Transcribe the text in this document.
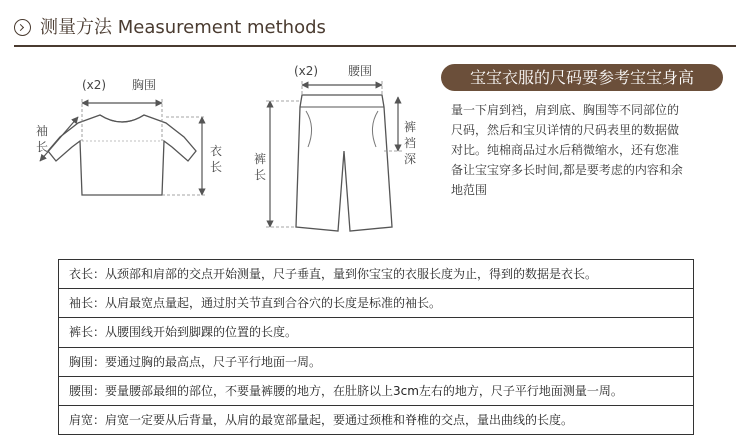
测量方法 Measurement methods
(x2) 胸围
袖
长	衣
长
(x2) 腰围
裤
长
裤
裆
深
宝宝衣服的尺码要参考宝宝身高

量一下肩到裆，肩到底、胸围等不同部位的
尺码，然后和宝贝详情的尺码表里的数据做
对比。纯棉商品过水后稍微缩水，还有您准
备让宝宝穿多长时间,都是要考虑的内容和余
地范围

衣长：从颈部和肩部的交点开始测量，尺子垂直，量到你宝宝的衣服长度为止，得到的数据是衣长。
袖长：从肩最宽点量起，通过肘关节直到合谷穴的长度是标准的袖长。
裤长：从腰围线开始到脚踝的位置的长度。
胸围：要通过胸的最高点，尺子平行地面一周。
腰围：要量腰部最细的部位，不要量裤腰的地方，在肚脐以上3cm左右的地方，尺子平行地面测量一周。
肩宽：肩宽一定要从后背量，从肩的最宽部量起，要通过颈椎和脊椎的交点，量出曲线的长度。
